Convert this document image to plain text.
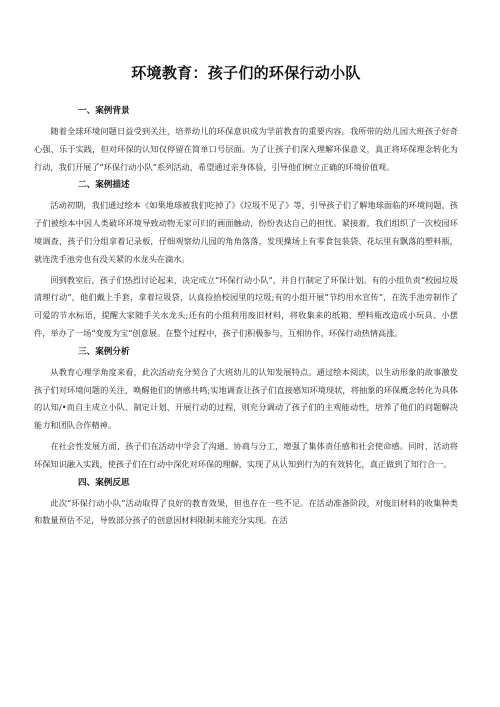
环境教育：孩子们的环保行动小队
一、案例背景

随着全球环境问题日益受到关注，培养幼儿的环保意识成为学前教育的重要内容。我所带的幼儿园大班孩子好奇心强、乐于实践，但对环保的认知仅停留在简单口号层面。为了让孩子们深入理解环保意义，真正将环保理念转化为行动，我们开展了“环保行动小队”系列活动，希望通过亲身体验，引导他们树立正确的环境价值观。

二、案例描述

活动初期，我们通过绘本《如果地球被我们吃掉了》《垃圾不见了》等，引导孩子们了解地球面临的环境问题，孩子们被绘本中因人类破坏环境导致动物无家可归的画面触动，纷纷表达自己的担忧。紧接着，我们组织了一次校园环境调查，孩子们分组拿着记录板，仔细观察幼儿园的角角落落，发现操场上有零食包装袋、花坛里有飘落的塑料瓶，就连洗手池旁也有没关紧的水龙头在滴水。

回到教室后，孩子们热烈讨论起来，决定成立“环保行动小队”，并自行制定了环保计划。有的小组负责“校园垃圾清理行动”，他们戴上手套，拿着垃圾袋，认真捡拾校园里的垃圾;有的小组开展“节约用水宣传”，在洗手池旁制作了可爱的节水标语，提醒大家随手关水龙头;还有的小组利用废旧材料，将收集来的纸箱、塑料瓶改造成小玩具、小摆件，举办了一场“变废为宝”创意展。在整个过程中，孩子们积极参与，互相协作，环保行动热情高涨。

三、案例分析

从教育心理学角度来看，此次活动充分契合了大班幼儿的认知发展特点。通过绘本阅读，以生动形象的故事激发孩子们对环境问题的关注，唤醒他们的情感共鸣;实地调查让孩子们直接感知环境现状，将抽象的环保概念转化为具体的认知/•而自主成立小队、制定计划、开展行动的过程，则充分调动了孩子们的主观能动性，培养了他们的问题解决能力和团队合作精神。

在社会性发展方面，孩子们在活动中学会了沟通、协商与分工，增强了集体责任感和社会使命感。同时，活动将环保知识融入实践，使孩子们在行动中深化对环保的理解，实现了从认知到行为的有效转化，真正做到了知行合一。

四、案例反思

此次“环保行动小队”活动取得了良好的教育效果，但也存在一些不足。在活动准备阶段，对废旧材料的收集种类和数量预估不足，导致部分孩子的创意因材料限制未能充分实现。在活
